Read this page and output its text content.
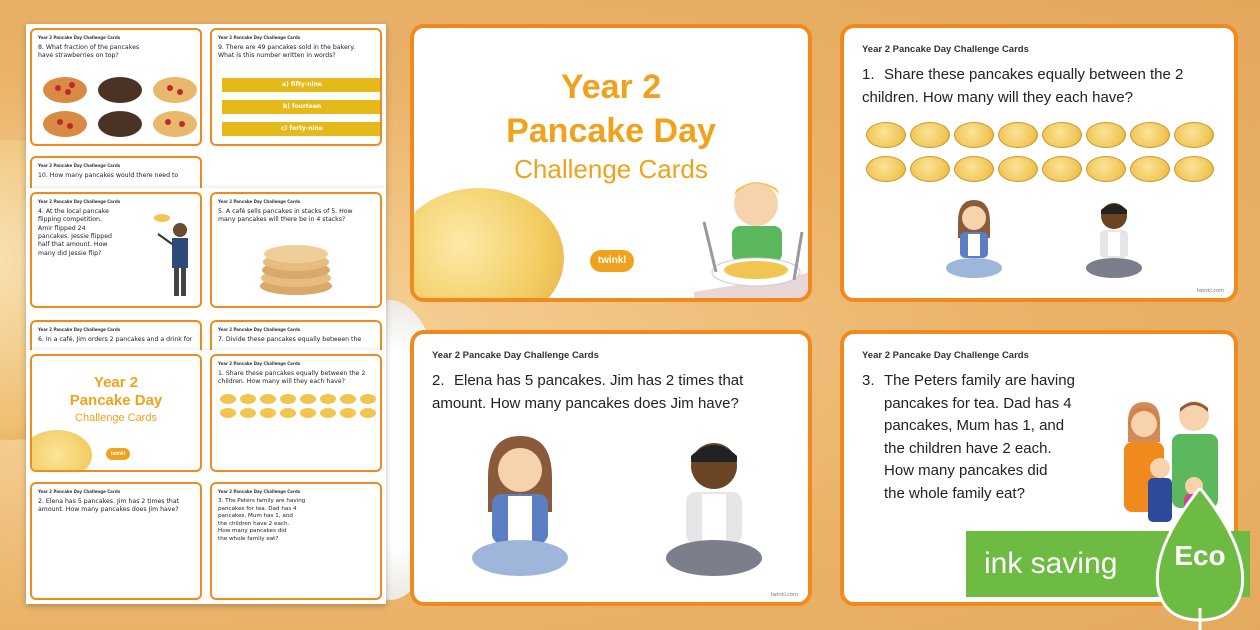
Year 2 Pancake Day Challenge Cards
8. What fraction of the pancakes
have strawberries on top?
Year 2 Pancake Day Challenge Cards
9. There are 49 pancakes sold in the bakery.
What is this number written in words?
a) fifty-nine
b) fourteen
c) forty-nine
Year 2 Pancake Day Challenge Cards
10. How many pancakes would there need to
Year 2 Pancake Day Challenge Cards
4. At the local pancake
flipping competition,
Amir flipped 24
pancakes. Jessie flipped
half that amount. How
many did Jessie flip?
Year 2 Pancake Day Challenge Cards
5. A café sells pancakes in stacks of 5. How
many pancakes will there be in 4 stacks?
Year 2 Pancake Day Challenge Cards
6. In a café, Jim orders 2 pancakes and a drink for
Year 2 Pancake Day Challenge Cards
7. Divide these pancakes equally between the
Year 2
Pancake Day
Challenge Cards
twinkl
Year 2 Pancake Day Challenge Cards
1. Share these pancakes equally between the 2
children. How many will they each have?
Year 2 Pancake Day Challenge Cards
2. Elena has 5 pancakes. Jim has 2 times that
amount. How many pancakes does Jim have?
Year 2 Pancake Day Challenge Cards
3. The Peters family are having
pancakes for tea. Dad has 4
pancakes, Mum has 1, and
the children have 2 each.
How many pancakes did
the whole family eat?
Year 2
Pancake Day
Challenge Cards
twinkl
Year 2 Pancake Day Challenge Cards
1. Share these pancakes equally between the 2 children. How many will they each have?
twinkl.com
Year 2 Pancake Day Challenge Cards
2. Elena has 5 pancakes. Jim has 2 times that amount. How many pancakes does Jim have?
twinkl.com
Year 2 Pancake Day Challenge Cards
3. The Peters family are having
pancakes for tea. Dad has 4
pancakes, Mum has 1, and
the children have 2 each.
How many pancakes did
the whole family eat?
ink saving	Eco
